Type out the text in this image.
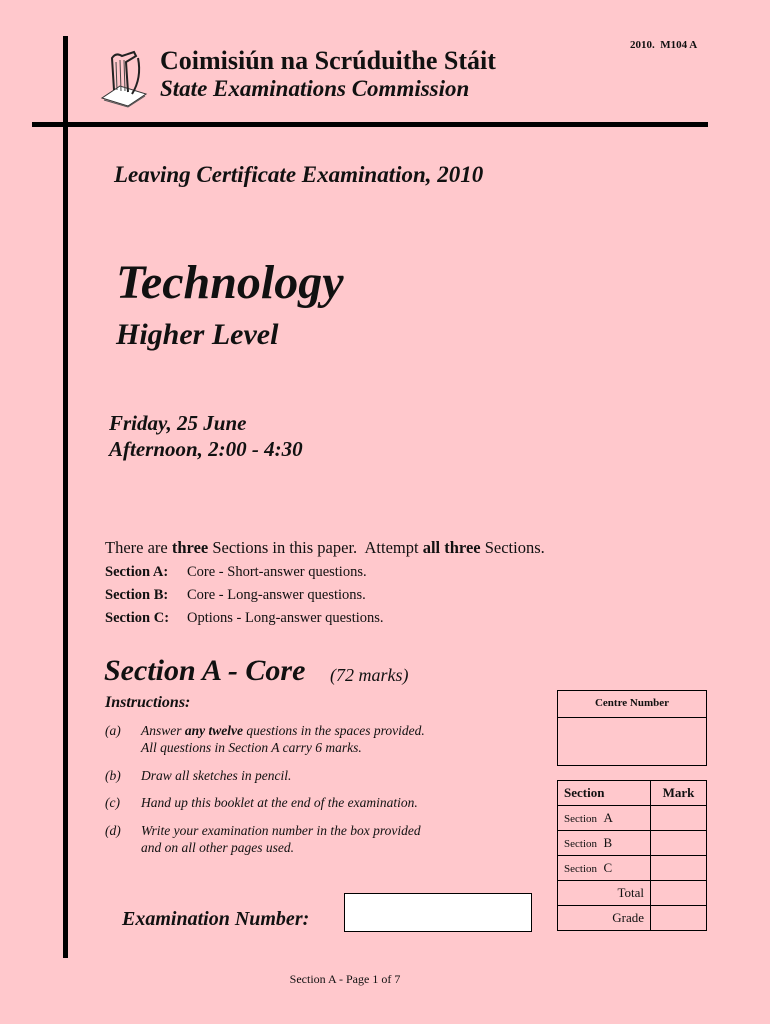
Coimisiún na Scrúduithe Stáit
State Examinations Commission
2010.  M104 A
Leaving Certificate Examination, 2010
Technology
Higher Level
Friday, 25 June
Afternoon, 2:00 - 4:30
There are three Sections in this paper.  Attempt all three Sections.
Section A: Core - Short-answer questions.
Section B: Core - Long-answer questions.
Section C: Options - Long-answer questions.
Section A - Core (72 marks)
Instructions:
(a) Answer any twelve questions in the spaces provided.
All questions in Section A carry 6 marks.
(b) Draw all sketches in pencil.
(c) Hand up this booklet at the end of the examination.
(d) Write your examination number in the box provided
and on all other pages used.
Examination Number:
Centre Number
Section	Mark
Section A	
Section B	
Section C	
Total	
Grade	
Section A - Page 1 of 7
